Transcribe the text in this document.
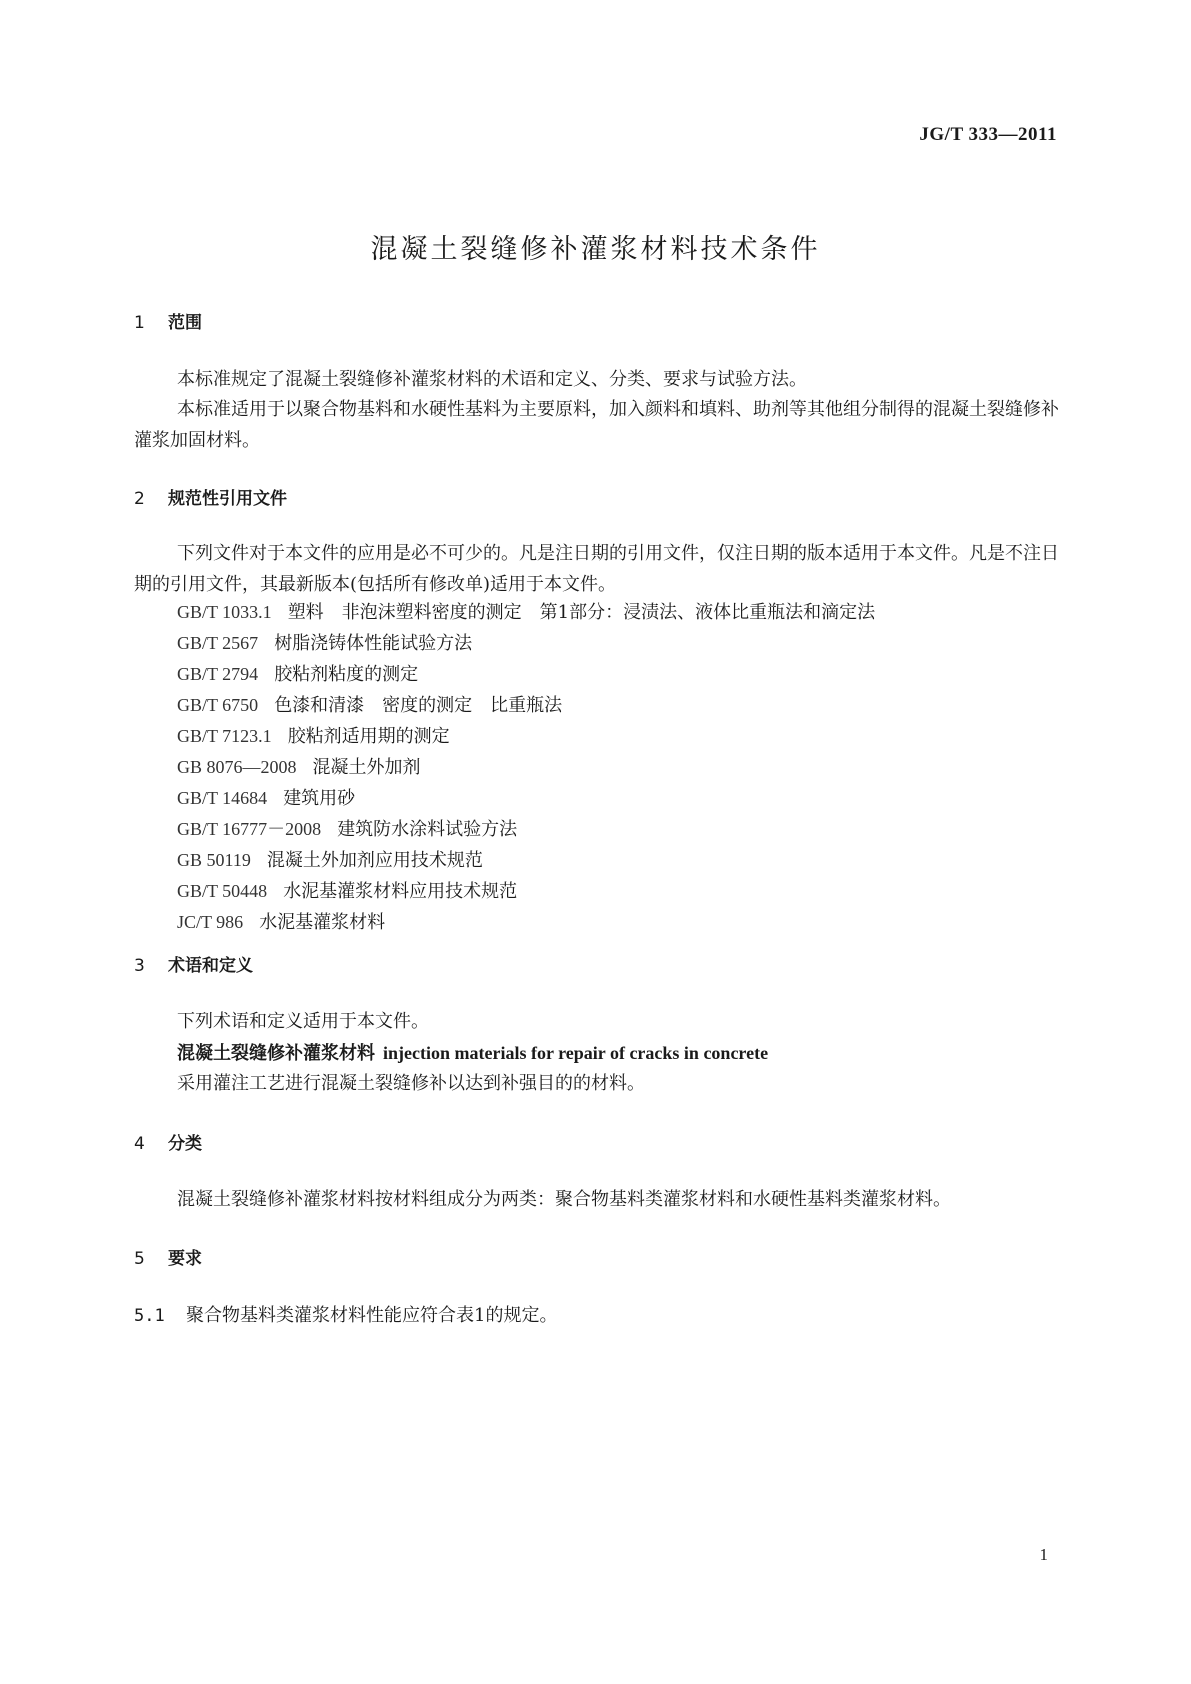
JG/T 333—2011
混凝土裂缝修补灌浆材料技术条件
1 范围

本标准规定了混凝土裂缝修补灌浆材料的术语和定义、分类、要求与试验方法。

本标准适用于以聚合物基料和水硬性基料为主要原料，加入颜料和填料、助剂等其他组分制得的混凝土裂缝修补灌浆加固材料。

2 规范性引用文件

下列文件对于本文件的应用是必不可少的。凡是注日期的引用文件，仅注日期的版本适用于本文件。凡是不注日期的引用文件，其最新版本(包括所有修改单)适用于本文件。

GB/T 1033.1 塑料　非泡沫塑料密度的测定　第1部分：浸渍法、液体比重瓶法和滴定法
GB/T 2567 树脂浇铸体性能试验方法
GB/T 2794 胶粘剂粘度的测定
GB/T 6750 色漆和清漆　密度的测定　比重瓶法
GB/T 7123.1 胶粘剂适用期的测定
GB 8076—2008 混凝土外加剂
GB/T 14684 建筑用砂
GB/T 16777－2008 建筑防水涂料试验方法
GB 50119 混凝土外加剂应用技术规范
GB/T 50448 水泥基灌浆材料应用技术规范
JC/T 986 水泥基灌浆材料
3 术语和定义
下列术语和定义适用于本文件。
混凝土裂缝修补灌浆材料 injection materials for repair of cracks in concrete
采用灌注工艺进行混凝土裂缝修补以达到补强目的的材料。
4 分类
混凝土裂缝修补灌浆材料按材料组成分为两类：聚合物基料类灌浆材料和水硬性基料类灌浆材料。
5 要求
5.1 聚合物基料类灌浆材料性能应符合表1的规定。
1
